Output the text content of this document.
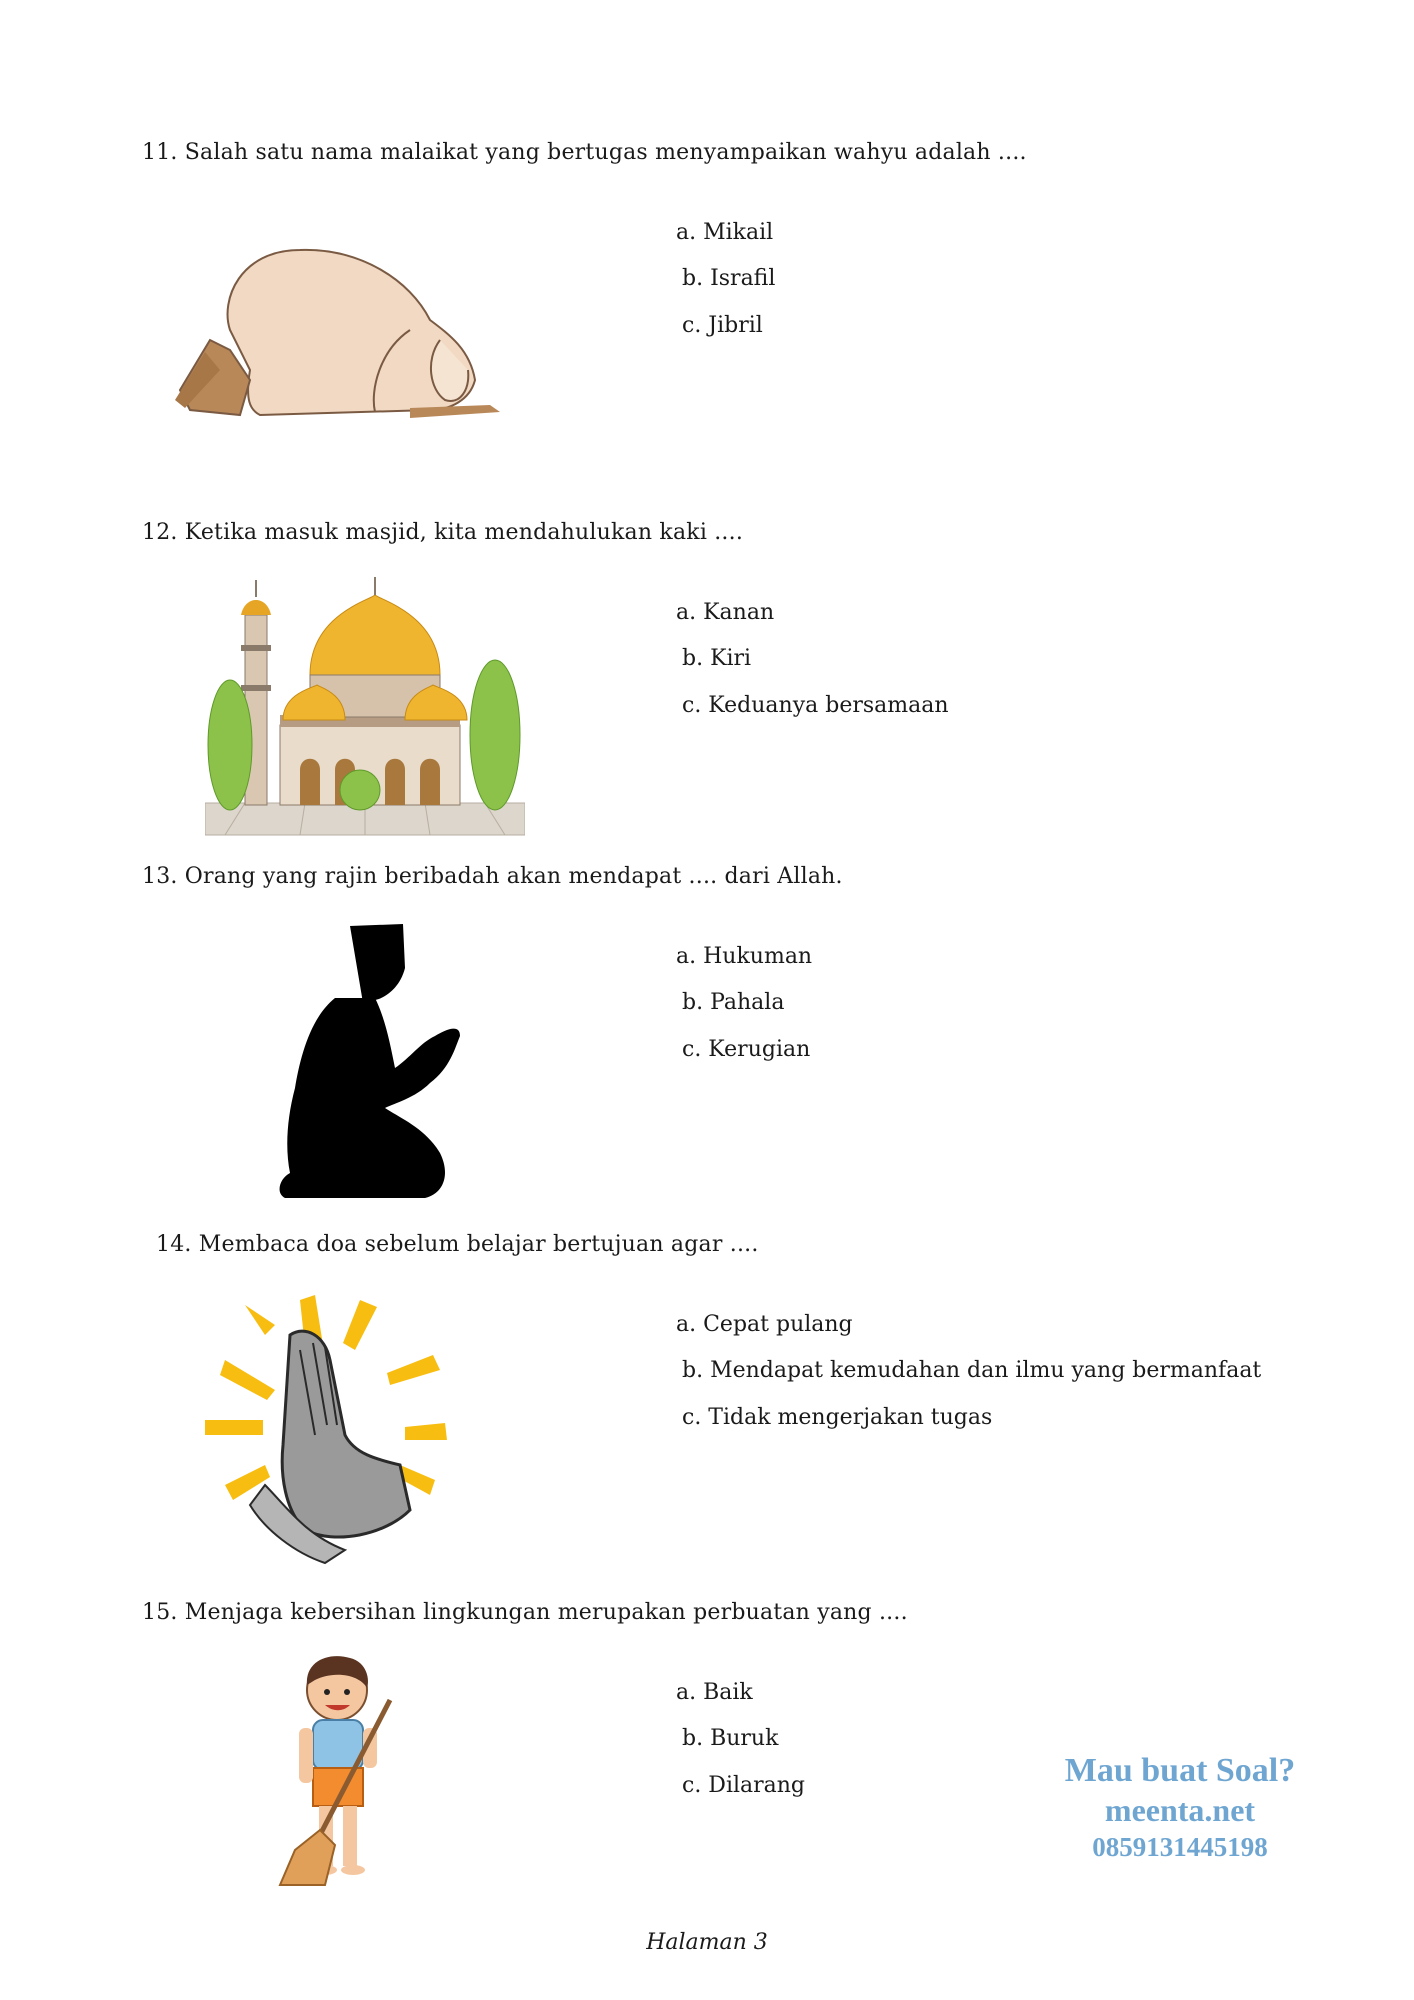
11. Salah satu nama malaikat yang bertugas menyampaikan wahyu adalah ....
a. Mikail
b. Israfil
c. Jibril
12. Ketika masuk masjid, kita mendahulukan kaki ....
a. Kanan
b. Kiri
c. Keduanya bersamaan
13. Orang yang rajin beribadah akan mendapat .... dari Allah.
a. Hukuman
b. Pahala
c. Kerugian
14. Membaca doa sebelum belajar bertujuan agar ....
a. Cepat pulang
b. Mendapat kemudahan dan ilmu yang bermanfaat
c. Tidak mengerjakan tugas
15. Menjaga kebersihan lingkungan merupakan perbuatan yang ....
a. Baik
b. Buruk
c. Dilarang	Mau buat Soal?
meenta.net
0859131445198
Halaman 3
